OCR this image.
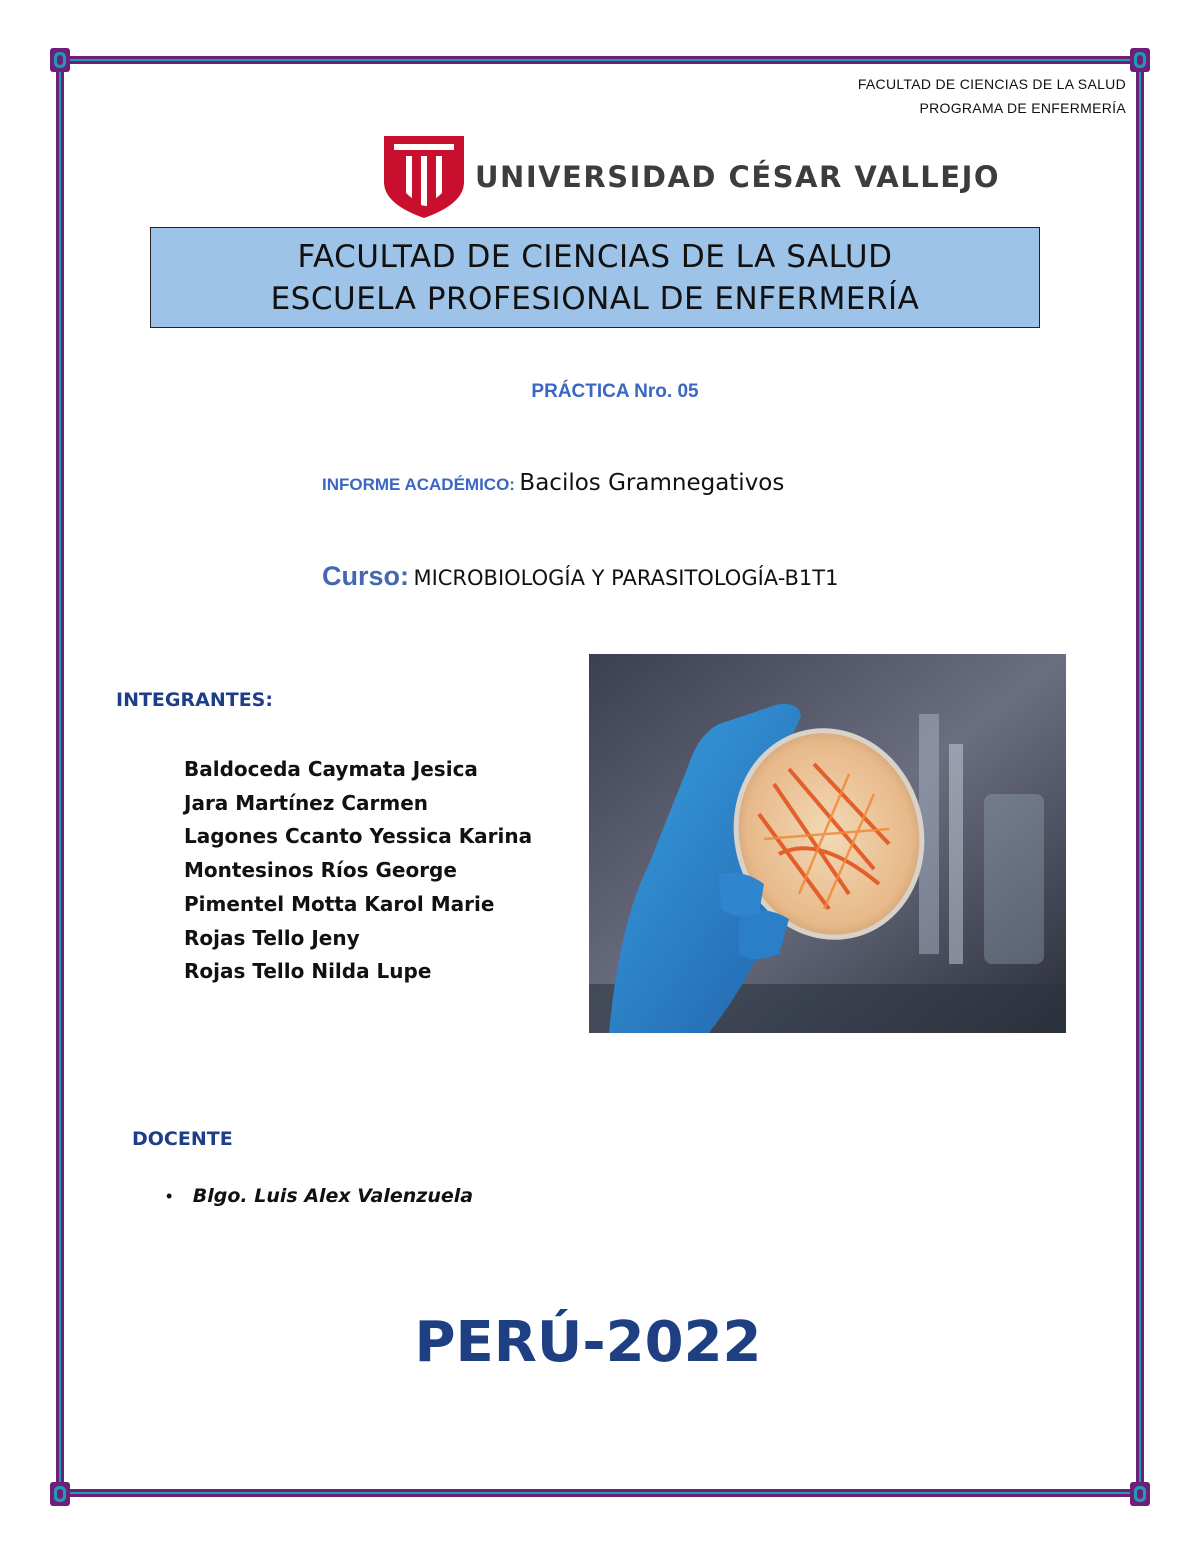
FACULTAD DE CIENCIAS DE LA SALUD
PROGRAMA DE ENFERMERÍA
UNIVERSIDAD CÉSAR VALLEJO
FACULTAD DE CIENCIAS DE LA SALUD
ESCUELA PROFESIONAL DE ENFERMERÍA
PRÁCTICA Nro. 05
INFORME ACADÉMICO: Bacilos Gramnegativos
Curso: MICROBIOLOGÍA Y PARASITOLOGÍA-B1T1
INTEGRANTES:
Baldoceda Caymata Jesica
Jara Martínez Carmen
Lagones Ccanto Yessica Karina
Montesinos Ríos George
Pimentel Motta Karol Marie
Rojas Tello Jeny
Rojas Tello Nilda Lupe
DOCENTE
• Blgo. Luis Alex Valenzuela
PERÚ-2022
